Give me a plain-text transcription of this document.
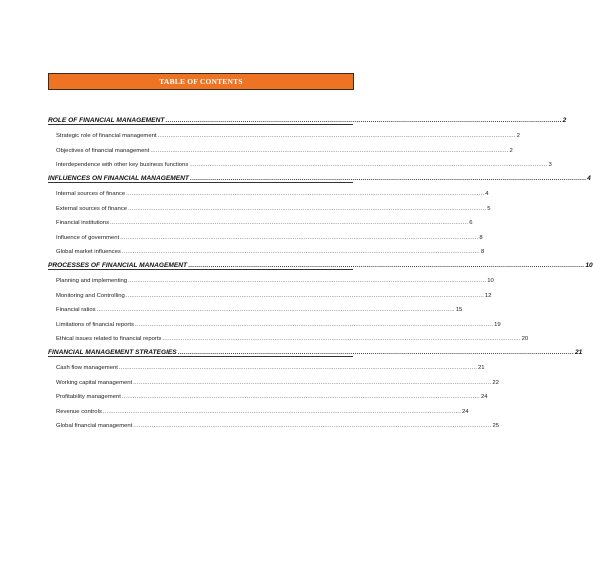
TABLE OF CONTENTS
ROLE OF FINANCIAL MANAGEMENT ................................................................................................................................................................................................... 2
Strategic role of financial management ................................................................................................................................................................................................... 2
Objectives of financial management ................................................................................................................................................................................................... 2
Interdependence with other key business functions ................................................................................................................................................................................................... 3
INFLUENCES ON FINANCIAL MANAGEMENT ................................................................................................................................................................................................... 4
Internal sources of finance ................................................................................................................................................................................................... 4
External sources of finance ................................................................................................................................................................................................... 5
Financial institutions ................................................................................................................................................................................................... 6
Influence of government ................................................................................................................................................................................................... 8
Global market influences ................................................................................................................................................................................................... 8
PROCESSES OF FINANCIAL MANAGEMENT ................................................................................................................................................................................................... 10
Planning and implementing ................................................................................................................................................................................................... 10
Monitoring and Controlling ................................................................................................................................................................................................... 12
Financial ratios ................................................................................................................................................................................................... 15
Limitations of financial reports ................................................................................................................................................................................................... 19
Ethical issues related to financial reports ................................................................................................................................................................................................... 20
FINANCIAL MANAGEMENT STRATEGIES ................................................................................................................................................................................................... 21
Cash flow management ................................................................................................................................................................................................... 21
Working capital management ................................................................................................................................................................................................... 22
Profitability management ................................................................................................................................................................................................... 24
Revenue controls ................................................................................................................................................................................................... 24
Global financial management ................................................................................................................................................................................................... 25
